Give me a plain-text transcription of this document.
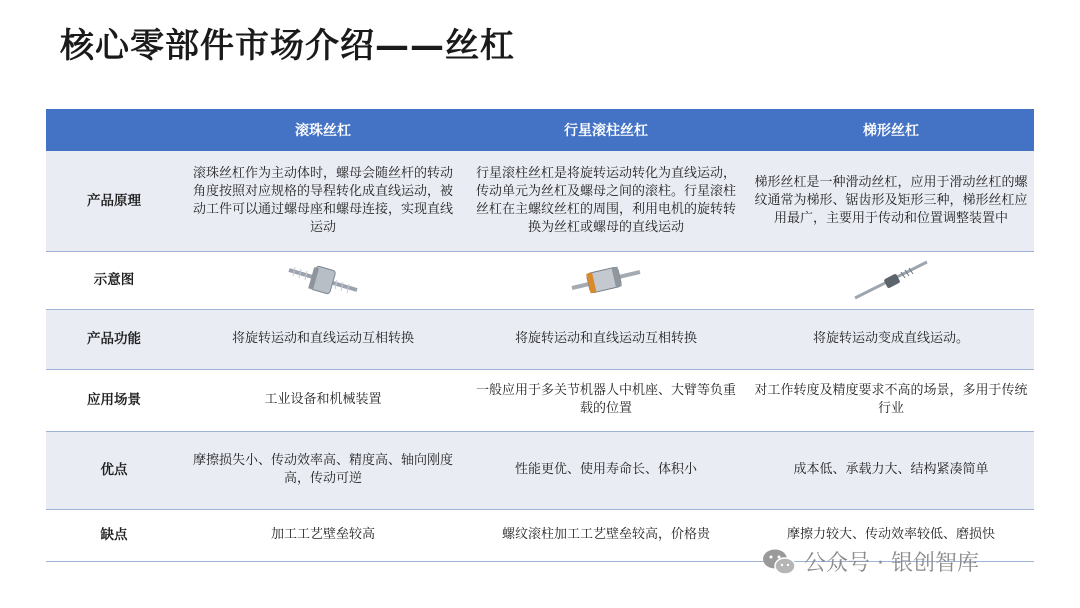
核心零部件市场介绍——丝杠
	滚珠丝杠	行星滚柱丝杠	梯形丝杠
产品原理	滚珠丝杠作为主动体时，螺母会随丝杆的转动角度按照对应规格的导程转化成直线运动，被动工件可以通过螺母座和螺母连接，实现直线运动	行星滚柱丝杠是将旋转运动转化为直线运动，传动单元为丝杠及螺母之间的滚柱。行星滚柱丝杠在主螺纹丝杠的周围，利用电机的旋转转换为丝杠或螺母的直线运动	梯形丝杠是一种滑动丝杠，应用于滑动丝杠的螺纹通常为梯形、锯齿形及矩形三种，梯形丝杠应用最广，主要用于传动和位置调整装置中
示意图	

产品功能	将旋转运动和直线运动互相转换	将旋转运动和直线运动互相转换	将旋转运动变成直线运动。
应用场景	工业设备和机械装置	一般应用于多关节机器人中机座、大臂等负重载的位置	对工作转度及精度要求不高的场景，多用于传统行业
优点	摩擦损失小、传动效率高、精度高、轴向刚度高，传动可逆	性能更优、使用寿命长、体积小	成本低、承载力大、结构紧凑简单
缺点	加工工艺壁垒较高	螺纹滚柱加工工艺壁垒较高，价格贵	摩擦力较大、传动效率较低、磨损快
公众号 · 银创智库
